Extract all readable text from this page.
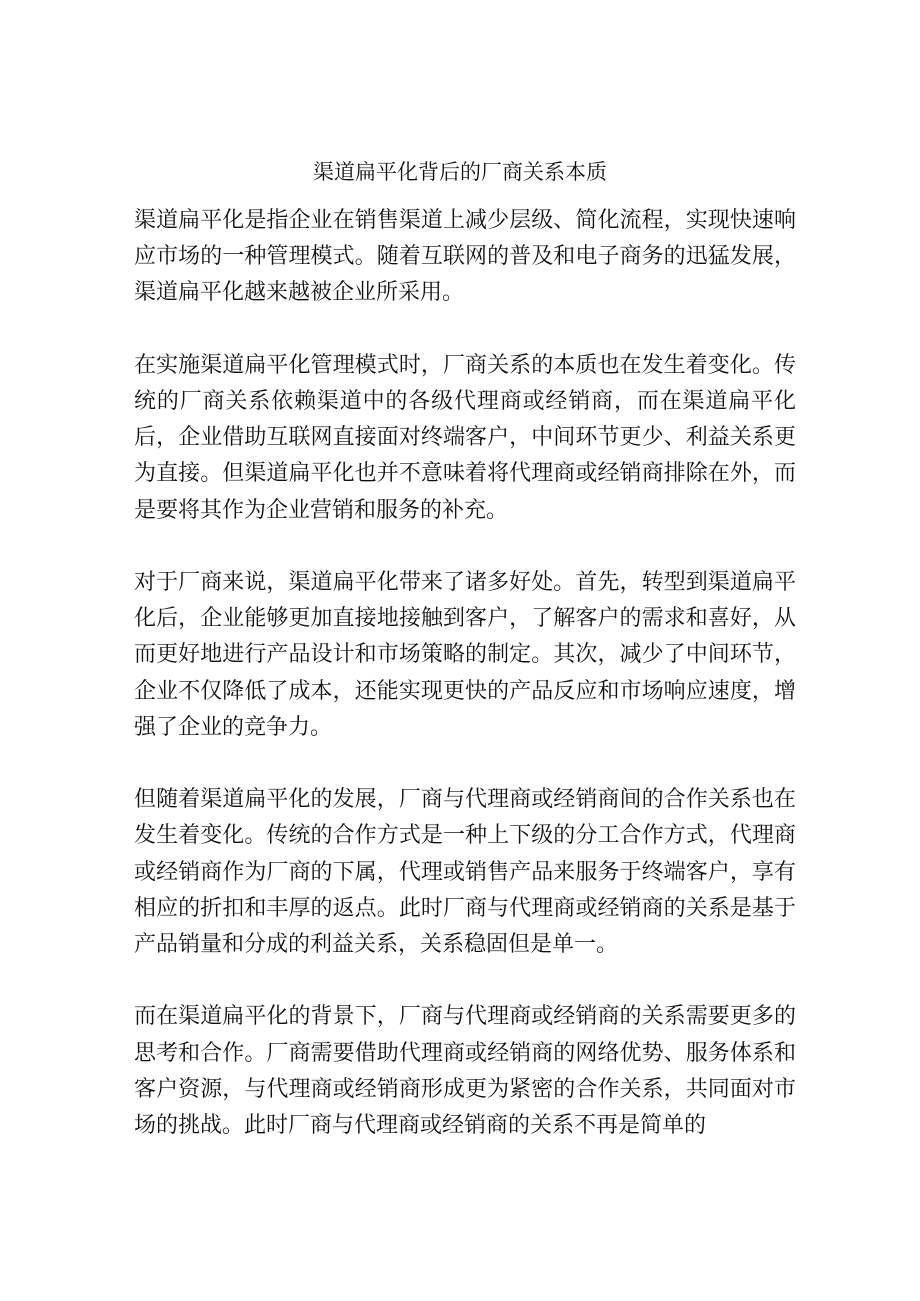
渠道扁平化背后的厂商关系本质

渠道扁平化是指企业在销售渠道上减少层级、简化流程，实现快速响应市场的一种管理模式。随着互联网的普及和电子商务的迅猛发展，渠道扁平化越来越被企业所采用。

在实施渠道扁平化管理模式时，厂商关系的本质也在发生着变化。传统的厂商关系依赖渠道中的各级代理商或经销商，而在渠道扁平化后，企业借助互联网直接面对终端客户，中间环节更少、利益关系更为直接。但渠道扁平化也并不意味着将代理商或经销商排除在外，而是要将其作为企业营销和服务的补充。

对于厂商来说，渠道扁平化带来了诸多好处。首先，转型到渠道扁平化后，企业能够更加直接地接触到客户，了解客户的需求和喜好，从而更好地进行产品设计和市场策略的制定。其次，减少了中间环节，企业不仅降低了成本，还能实现更快的产品反应和市场响应速度，增强了企业的竞争力。

但随着渠道扁平化的发展，厂商与代理商或经销商间的合作关系也在发生着变化。传统的合作方式是一种上下级的分工合作方式，代理商或经销商作为厂商的下属，代理或销售产品来服务于终端客户，享有相应的折扣和丰厚的返点。此时厂商与代理商或经销商的关系是基于产品销量和分成的利益关系，关系稳固但是单一。

而在渠道扁平化的背景下，厂商与代理商或经销商的关系需要更多的思考和合作。厂商需要借助代理商或经销商的网络优势、服务体系和客户资源，与代理商或经销商形成更为紧密的合作关系，共同面对市场的挑战。此时厂商与代理商或经销商的关系不再是简单的
